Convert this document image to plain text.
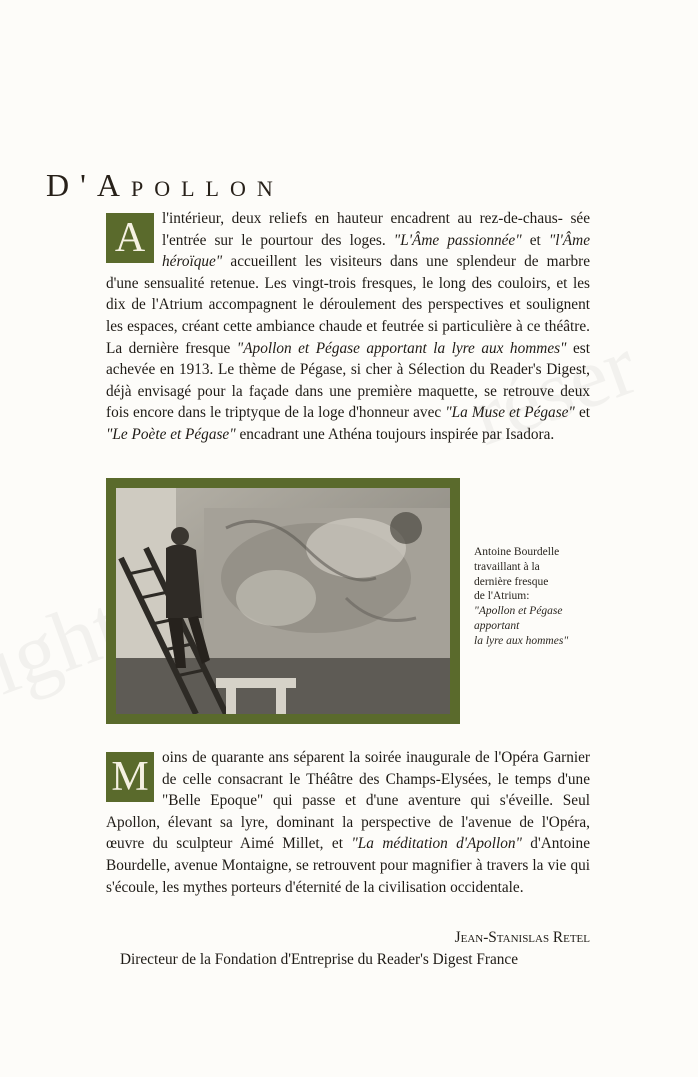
D'Apollon

A	l'intérieur, deux reliefs en hauteur encadrent au rez-de-chaus- sée l'entrée sur le pourtour des loges. "L'Âme passionnée" et "l'Âme héroïque" accueillent les visiteurs dans une splendeur de marbre d'une sensualité retenue. Les vingt-trois fresques, le long des couloirs, et les dix de l'Atrium accompagnent le déroulement des perspectives et soulignent les espaces, créant cette ambiance chaude et feutrée si particulière à ce théâtre. La dernière fresque "Apollon et Pégase apportant la lyre aux hommes" est achevée en 1913. Le thème de Pégase, si cher à Sélection du Reader's Digest, déjà envisagé pour la façade dans une première maquette, se retrouve deux fois encore dans le triptyque de la loge d'honneur avec "La Muse et Pégase" et "Le Poète et Pégase" encadrant une Athéna toujours inspirée par Isadora.

Antoine Bourdelle
travaillant à la
dernière fresque
de l'Atrium:
"Apollon et Pégase
apportant
la lyre aux hommes"

M oins de quarante ans séparent la soirée inaugurale de l'Opéra Garnier de celle consacrant le Théâtre des Champs-Elysées, le temps d'une "Belle Epoque" qui passe et d'une aventure qui s'éveille. Seul Apollon, élevant sa lyre, dominant la perspective de l'avenue de l'Opéra, œuvre du sculpteur Aimé Millet, et "La méditation d'Apollon" d'Antoine Bourdelle, avenue Montaigne, se retrouvent pour magnifier à travers la vie qui s'écoule, les mythes porteurs d'éternité de la civilisation occidentale.

Jean-Stanislas Retel
Directeur de la Fondation d'Entreprise du Reader's Digest France
